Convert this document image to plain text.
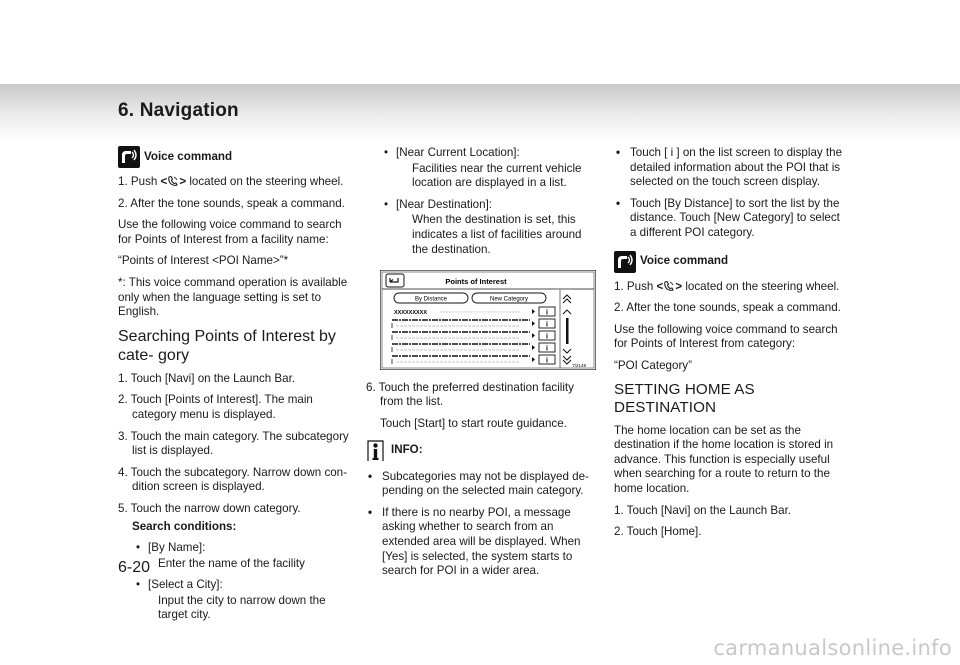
6. Navigation
Voice command

1. Push < > located on the steering wheel.

2. After the tone sounds, speak a command.

Use the following voice command to search for Points of Interest from a facility name:

“Points of Interest <POI Name>”*

*: This voice command operation is available only when the language setting is set to English.

Searching Points of Interest by cate- gory

1. Touch [Navi] on the Launch Bar.

2. Touch [Points of Interest]. The main category menu is displayed.

3. Touch the main category. The subcategory list is displayed.

4. Touch the subcategory. Narrow down con- dition screen is displayed.

5. Touch the narrow down category.

Search conditions:

• [By Name]:

Enter the name of the facility

• [Select a City]:

Input the city to narrow down the target city.

• [Near Current Location]:

Facilities near the current vehicle location are displayed in a list.

• [Near Destination]:

When the destination is set, this indicates a list of facilities around the destination.

Points of Interest
By Distance	New Category
XXXXXXXXX	i
i
i
i
i
7/2149

6. Touch the preferred destination facility from the list.

Touch [Start] to start route guidance.

INFO:

• Subcategories may not be displayed de- pending on the selected main category.

• If there is no nearby POI, a message asking whether to search from an extended area will be displayed. When [Yes] is selected, the system starts to search for POI in a wider area.

• Touch [ i ] on the list screen to display the detailed information about the POI that is selected on the touch screen display.

• Touch [By Distance] to sort the list by the distance. Touch [New Category] to select a different POI category.

Voice command

1. Push < > located on the steering wheel.

2. After the tone sounds, speak a command.

Use the following voice command to search for Points of Interest from category:

“POI Category”

SETTING HOME AS DESTINATION

The home location can be set as the destination if the home location is stored in advance. This function is especially useful when searching for a route to return to the home location.

1. Touch [Navi] on the Launch Bar.

2. Touch [Home].

6-20
carmanualsonline.info
